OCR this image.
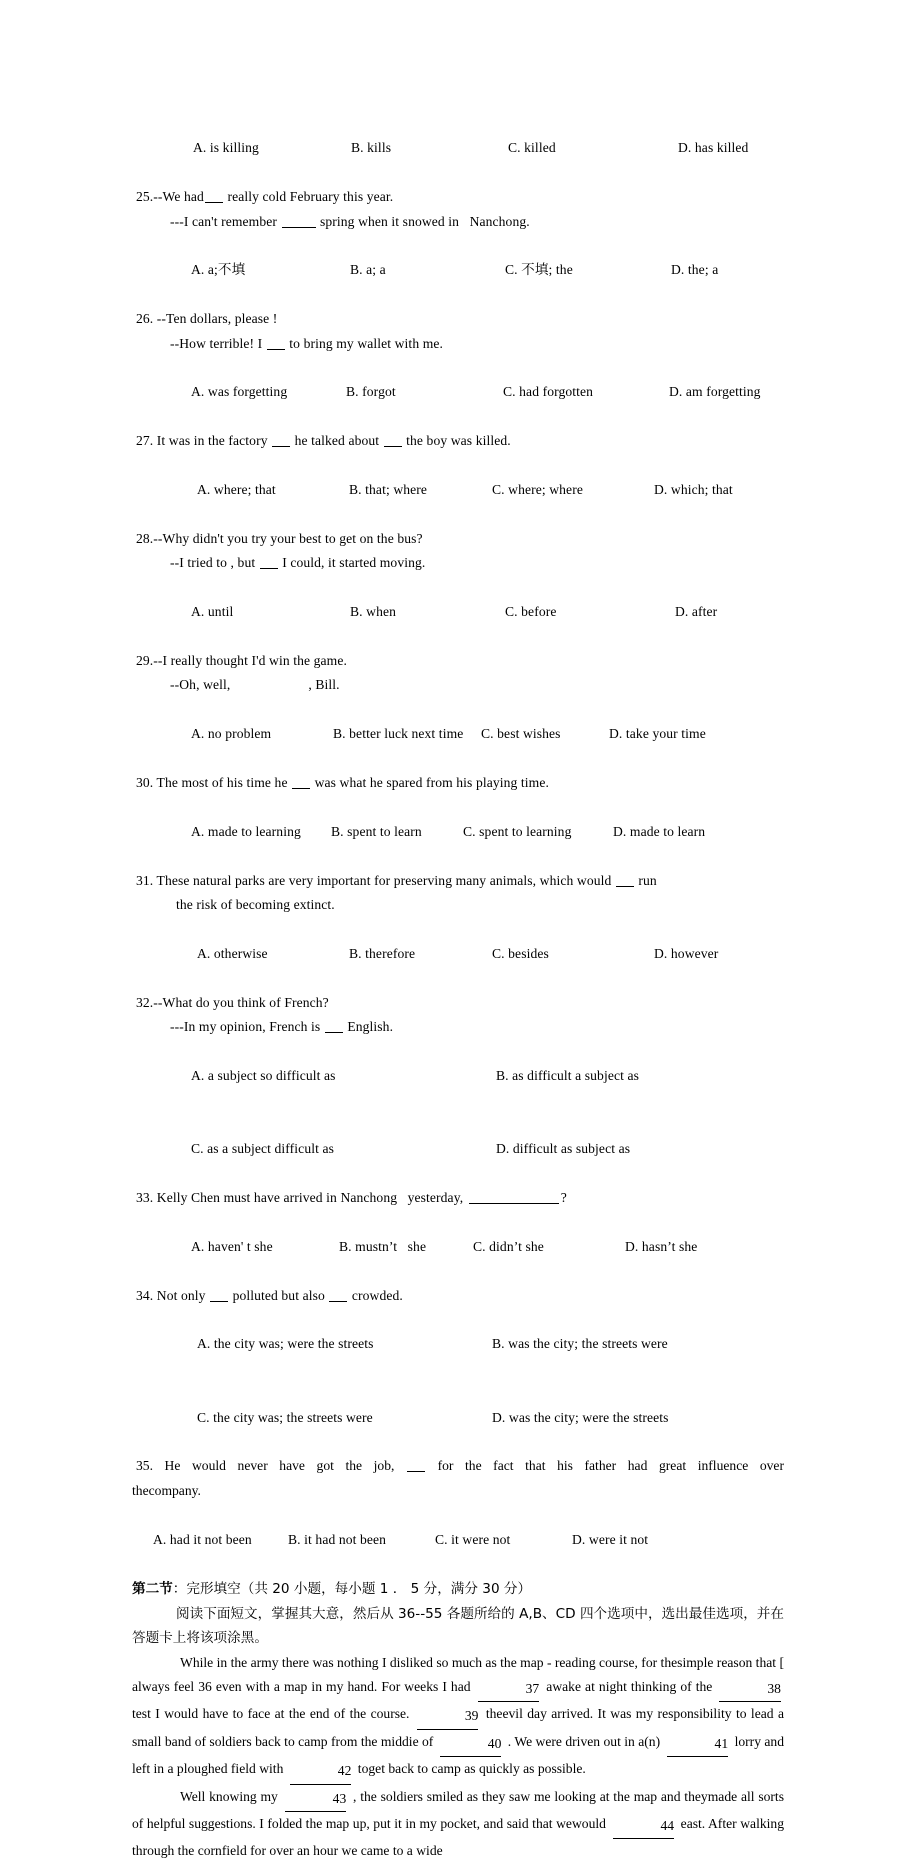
A. is killing	B. kills	C. killed	D. has killed

25.--We had really cold February this year.
---I can't remember	spring when it snowed in   Nanchong.

A. a;不填	B. a; a	C. 不填; the	D. the; a

26. --Ten dollars, please !
--How terrible! I to bring my wallet with me.

A. was forgetting	B. forgot	C. had forgotten	D. am forgetting

27. It was in the factory he talked about the boy was killed.

A. where; that	B. that; where	C. where; where	D. which; that

28.--Why didn't you try your best to get on the bus?
--I tried to , but I could, it started moving.

A. until	B. when	C. before	D. after

29.--I really thought I'd win the game.
--Oh, well,	, Bill.

A. no problem	B. better luck next time C. best wishes	D. take your time

30. The most of his time he was what he spared from his playing time.

A. made to learning B. spent to learn	C. spent to learning	D. made to learn

31. These natural parks are very important for preserving many animals, which would run
the risk of becoming extinct.

A. otherwise	B. therefore	C. besides	D. however

32.--What do you think of French?
---In my opinion, French is English.

A. a subject so difficult as	B. as difficult a subject as

C. as a subject difficult as	D. difficult as subject as

33. Kelly Chen must have arrived in Nanchong   yesterday,	?

A. haven' t she	B. mustn’t   she	C. didn’t she	D. hasn’t she

34. Not only polluted but also crowded.

A. the city was; were the streets	B. was the city; the streets were

C. the city was; the streets were	D. was the city; were the streets

35. He would never have got the job,	for the fact that his father had great influence over
thecompany.

A. had it not been	B. it had not been	C. it were not	D. were it not

第二节：完形填空（共 20 小题，每小题 1 ． 5 分，满分 30 分）
阅读下面短文，掌握其大意，然后从 36--55 各题所给的 A,B、CD 四个选项中，选出最佳选项，并在答题卡上将该项涂黑。
While in the army there was nothing I disliked so much as the map - reading course, for thesimple reason that [ always feel 36 even with a map in my hand. For weeks I had	37 awake at night thinking of the	38 test I would have to face at the end of the course.	39 theevil day arrived. It was my responsibility to lead a small band of soldiers back to camp from the middie of	40 . We were driven out in a(n)	41 lorry and left in a ploughed field with	42 toget back to camp as quickly as possible.
Well knowing my	43 , the soldiers smiled as they saw me looking at the map and theymade all sorts of helpful suggestions. I folded the map up, put it in my pocket, and said that wewould	44 east. After walking through the cornfield for over an hour we came to a wide
